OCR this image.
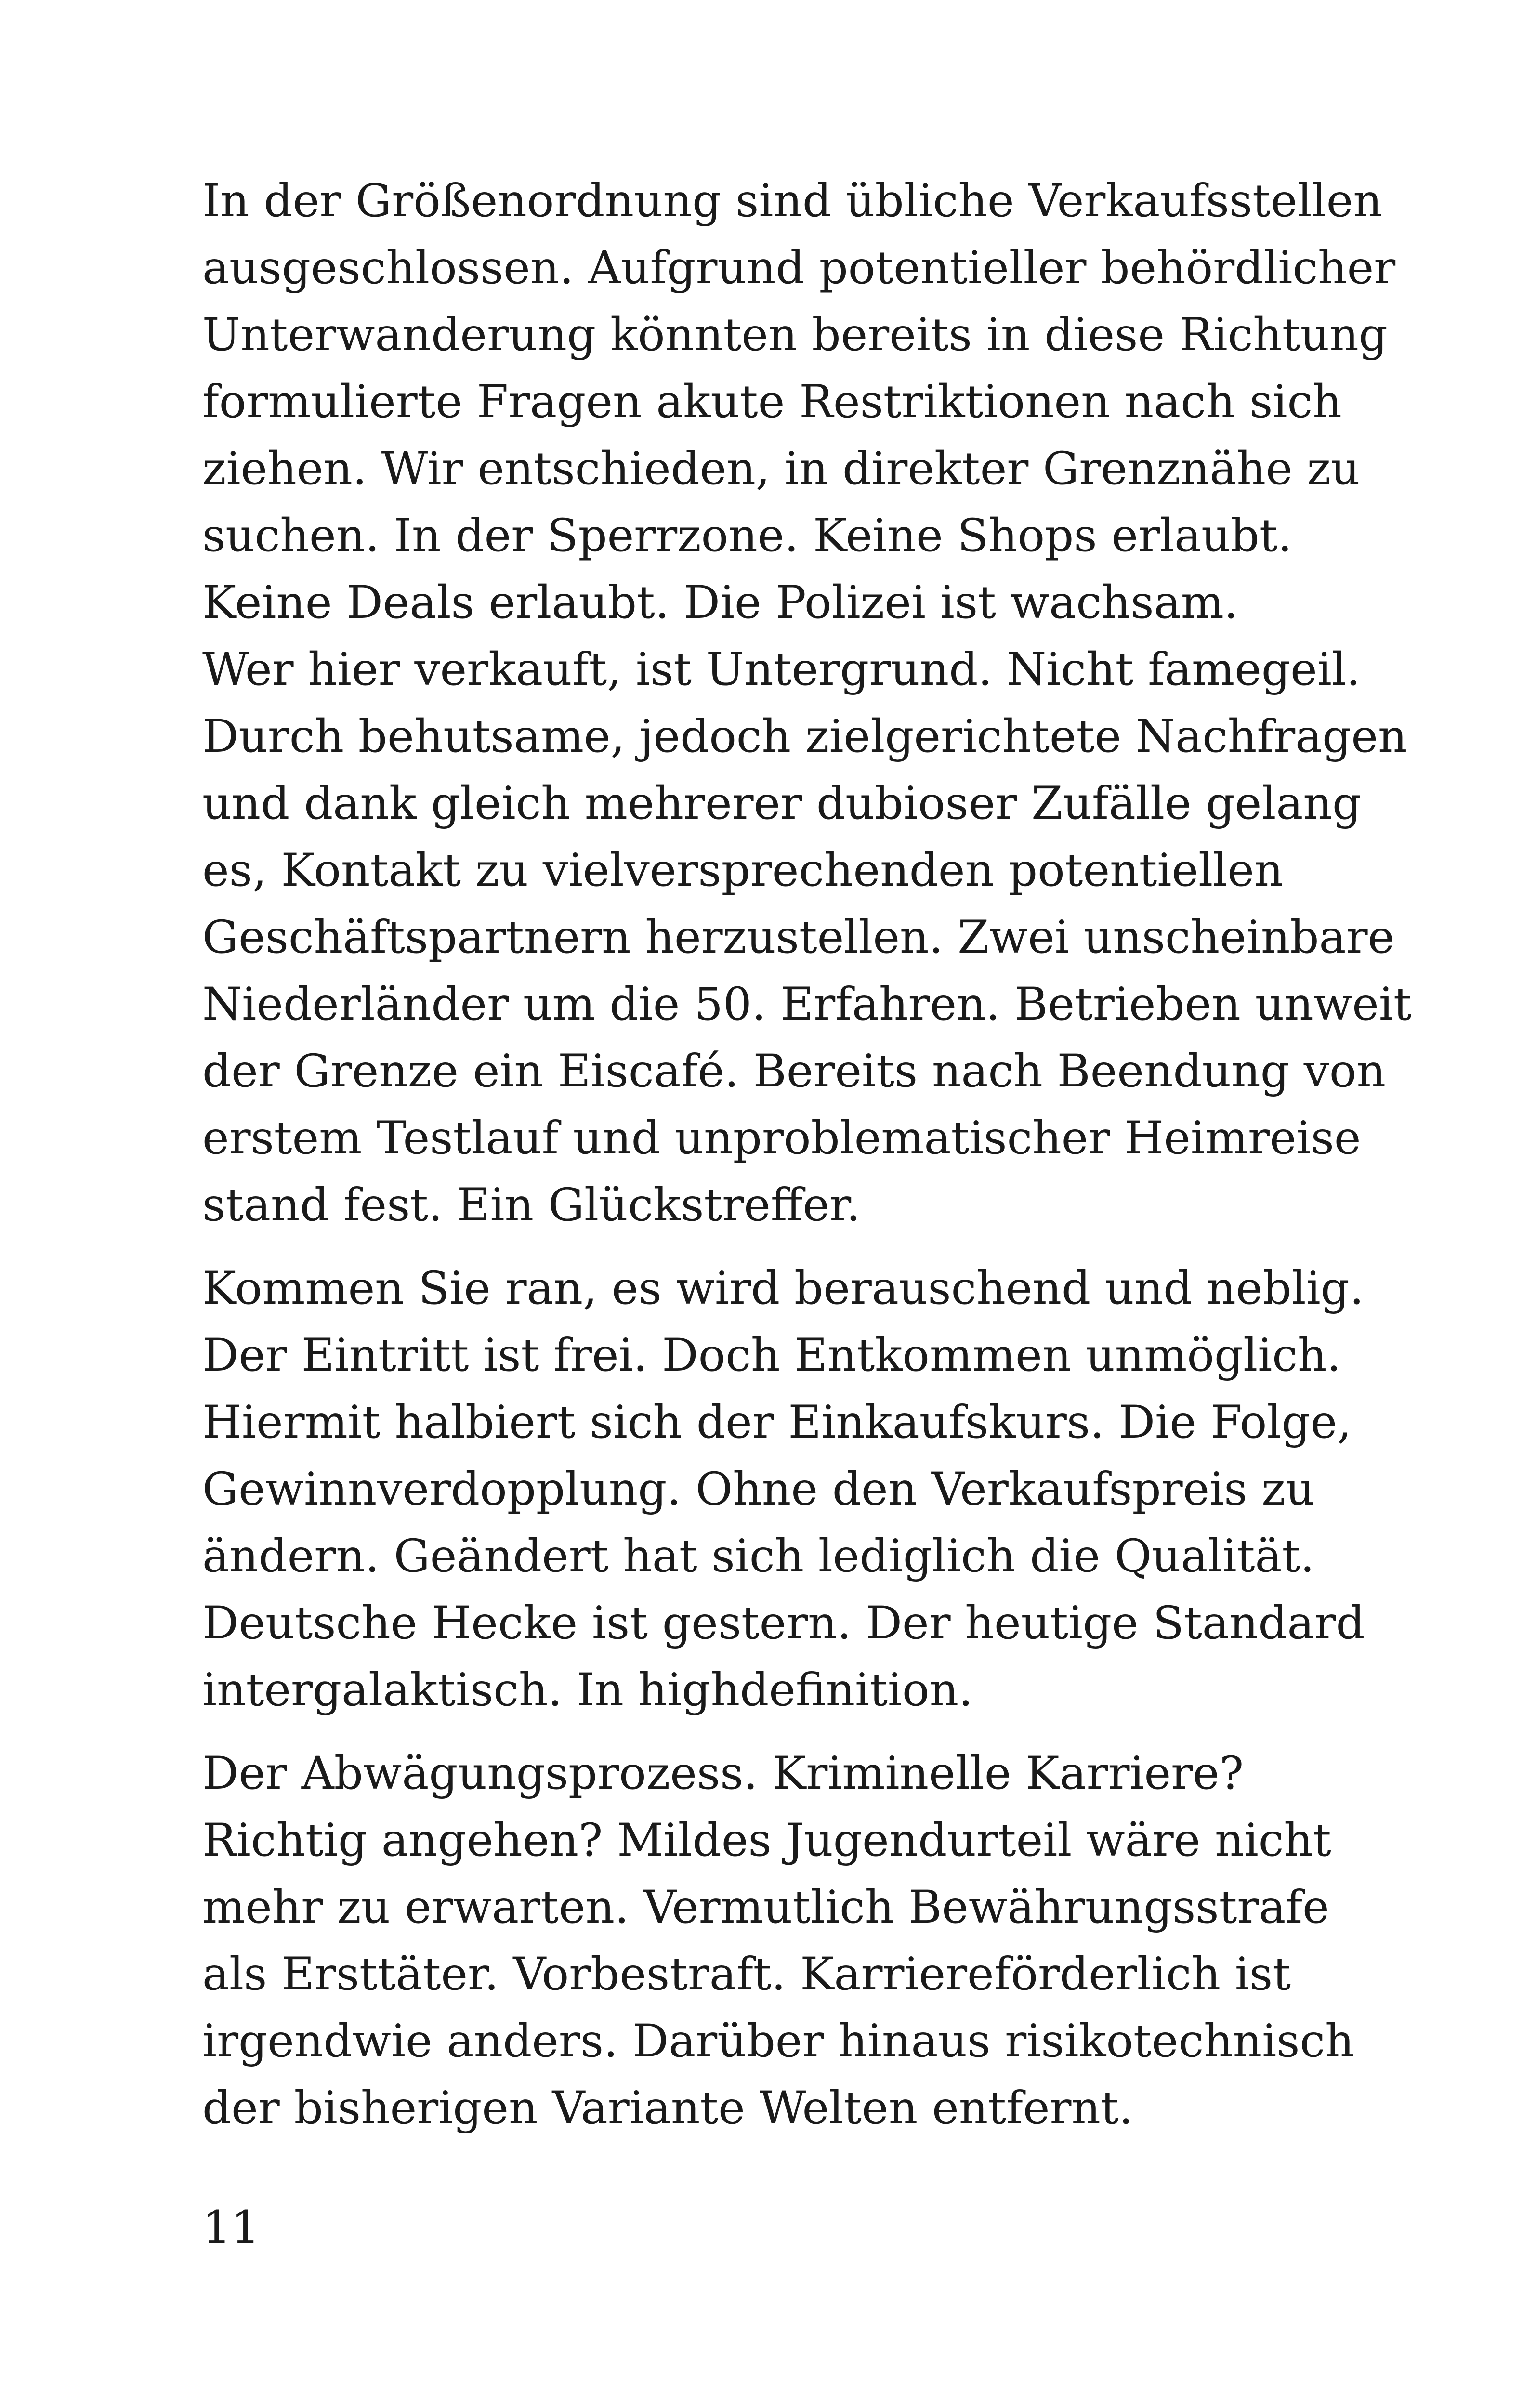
In der Größenordnung sind übliche Verkaufsstellen
ausgeschlossen. Aufgrund potentieller behördlicher
Unterwanderung könnten bereits in diese Richtung
formulierte Fragen akute Restriktionen nach sich
ziehen. Wir entschieden, in direkter Grenznähe zu
suchen. In der Sperrzone. Keine Shops erlaubt.
Keine Deals erlaubt. Die Polizei ist wachsam.
Wer hier verkauft, ist Untergrund. Nicht famegeil.
Durch behutsame, jedoch zielgerichtete Nachfragen
und dank gleich mehrerer dubioser Zufälle gelang
es, Kontakt zu vielversprechenden potentiellen
Geschäftspartnern herzustellen. Zwei unscheinbare
Niederländer um die 50. Erfahren. Betrieben unweit
der Grenze ein Eiscafé. Bereits nach Beendung von
erstem Testlauf und unproblematischer Heimreise
stand fest. Ein Glückstreffer.

Kommen Sie ran, es wird berauschend und neblig.
Der Eintritt ist frei. Doch Entkommen unmöglich.
Hiermit halbiert sich der Einkaufskurs. Die Folge,
Gewinnverdopplung. Ohne den Verkaufspreis zu
ändern. Geändert hat sich lediglich die Qualität.
Deutsche Hecke ist gestern. Der heutige Standard
intergalaktisch. In highdefinition.

Der Abwägungsprozess. Kriminelle Karriere?
Richtig angehen? Mildes Jugendurteil wäre nicht
mehr zu erwarten. Vermutlich Bewährungsstrafe
als Ersttäter. Vorbestraft. Karriereförderlich ist
irgendwie anders. Darüber hinaus risikotechnisch
der bisherigen Variante Welten entfernt.

11
